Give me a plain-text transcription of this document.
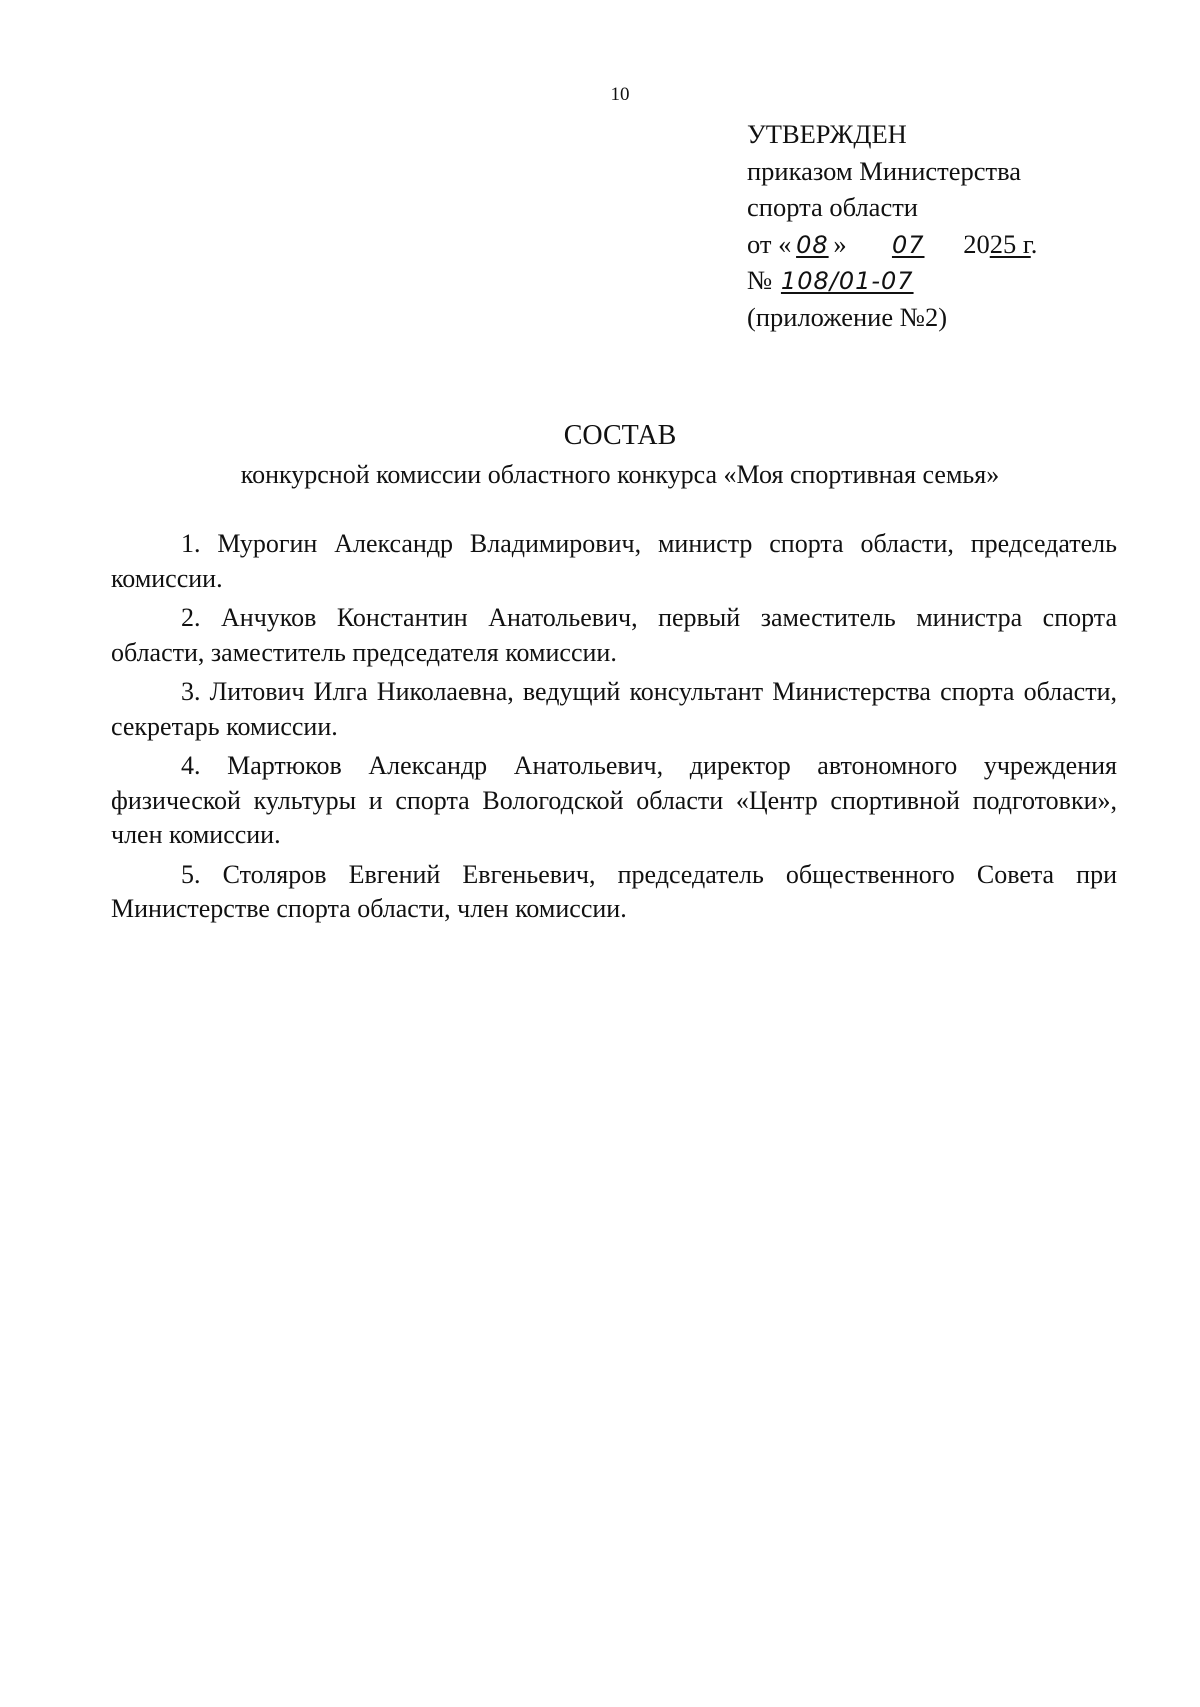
10
УТВЕРЖДЕН
приказом Министерства
спорта области
от « 08 » 07 2025 г.
№ 108/01-07
(приложение №2)
СОСТАВ
конкурсной комиссии областного конкурса «Моя спортивная семья»

1. Мурогин Александр Владимирович, министр спорта области, председатель комиссии.

2. Анчуков Константин Анатольевич, первый заместитель министра спорта области, заместитель председателя комиссии.

3. Литович Илга Николаевна, ведущий консультант Министерства спорта области, секретарь комиссии.

4. Мартюков Александр Анатольевич, директор автономного учреждения физической культуры и спорта Вологодской области «Центр спортивной подготовки», член комиссии.

5. Столяров Евгений Евгеньевич, председатель общественного Совета при Министерстве спорта области, член комиссии.
